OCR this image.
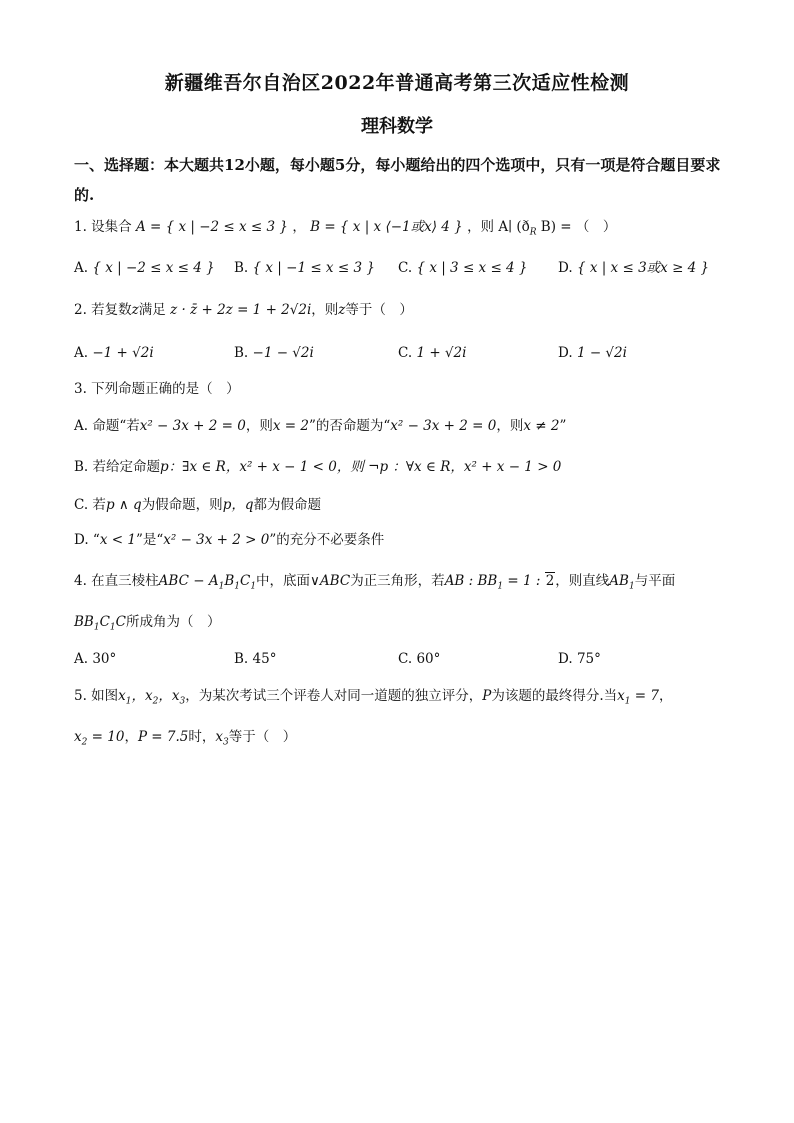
新疆维吾尔自治区2022年普通高考第三次适应性检测
理科数学
一、选择题：本大题共12小题，每小题5分，每小题给出的四个选项中，只有一项是符合题目要求的.
1. 设集合 A = { x | −2 ≤ x ≤ 3 } ， B = { x | x ⟨−1或x⟩ 4 } ，则 A∣ ($ð_R$ B) = （　）
A. { x | −2 ≤ x ≤ 4 } B. { x | −1 ≤ x ≤ 3 } C. { x | 3 ≤ x ≤ 4 } D. { x | x ≤ 3或x ≥ 4 }
2. 若复数z满足 z · z̄ + 2z = 1 + 2√2i，则z等于（　）
A. −1 + √2i	B. −1 − √2i	C. 1 + √2i	D. 1 − √2i
3. 下列命题正确的是（　）
A. 命题“若x² − 3x + 2 = 0，则x = 2”的否命题为“x² − 3x + 2 = 0，则x ≠ 2”
B. 若给定命题p：∃x ∈ R，x² + x − 1 < 0，则 ¬p ：∀x ∈ R，x² + x − 1 > 0
C. 若p ∧ q为假命题，则p，q都为假命题
D. “x < 1”是“x² − 3x + 2 > 0”的充分不必要条件
4. 在直三棱柱ABC − $A_1B_1C_1$中，底面∨ABC为正三角形，若AB : $BB_1 = 1$ : 2，则直线$AB_1$与平面
$BB_1C_1C$所成角为（　）
A. 30°	B. 45°	C. 60°	D. 75°
5. 如图$x_1$，$x_2$，$x_3$，为某次考试三个评卷人对同一道题的独立评分，P为该题的最终得分.当$x_1 = 7$，
$x_2 = 10$，P = 7.5时，$x_3$等于（　）
